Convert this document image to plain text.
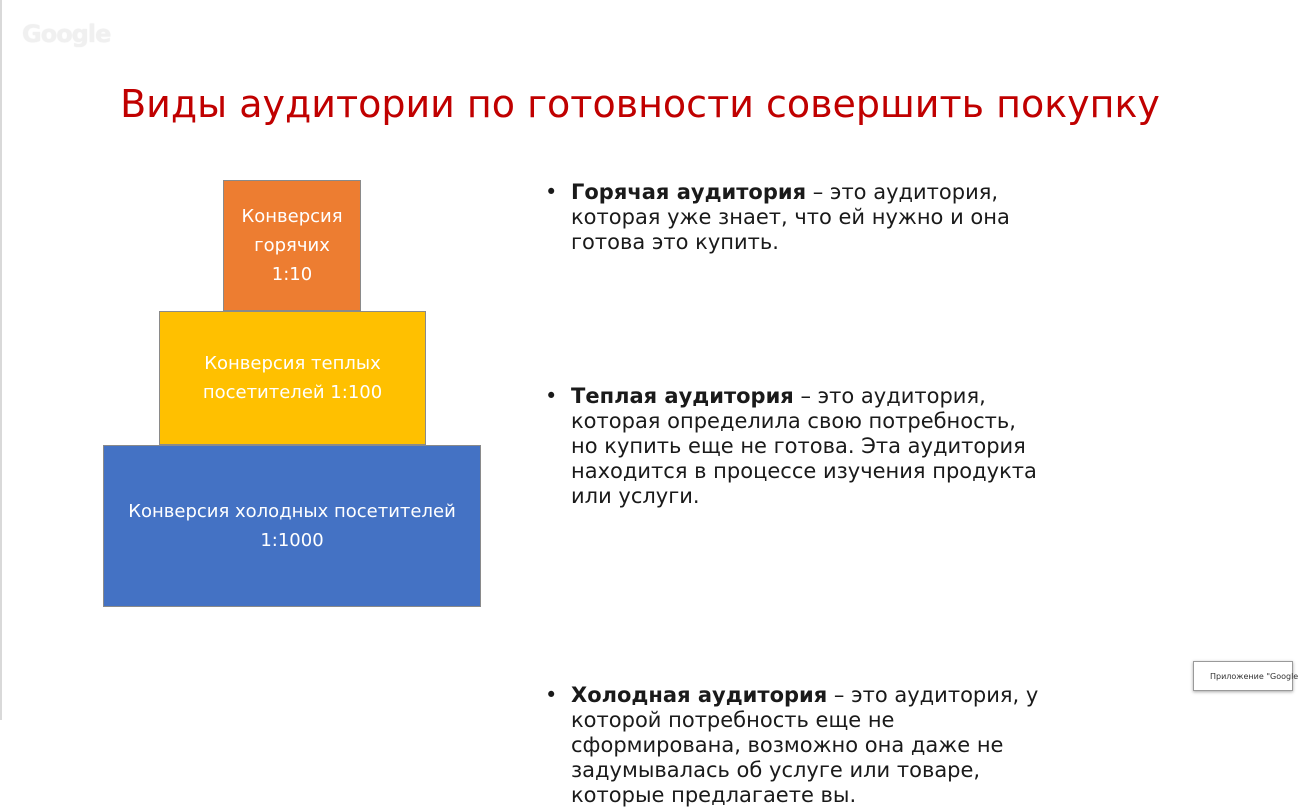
Google
Виды аудитории по готовности совершить покупку
Конверсия
горячих
1:10
Конверсия теплых
посетителей 1:100
Конверсия холодных посетителей
1:1000
• Горячая аудитория – это аудитория,
которая уже знает, что ей нужно и она
готова это купить.
• Теплая аудитория – это аудитория,
которая определила свою потребность,
но купить еще не готова. Эта аудитория
находится в процессе изучения продукта
или услуги.
• Холодная аудитория – это аудитория, у
которой потребность еще не
сформирована, возможно она даже не
задумывалась об услуге или товаре,
которые предлагаете вы.
Приложение "Google
